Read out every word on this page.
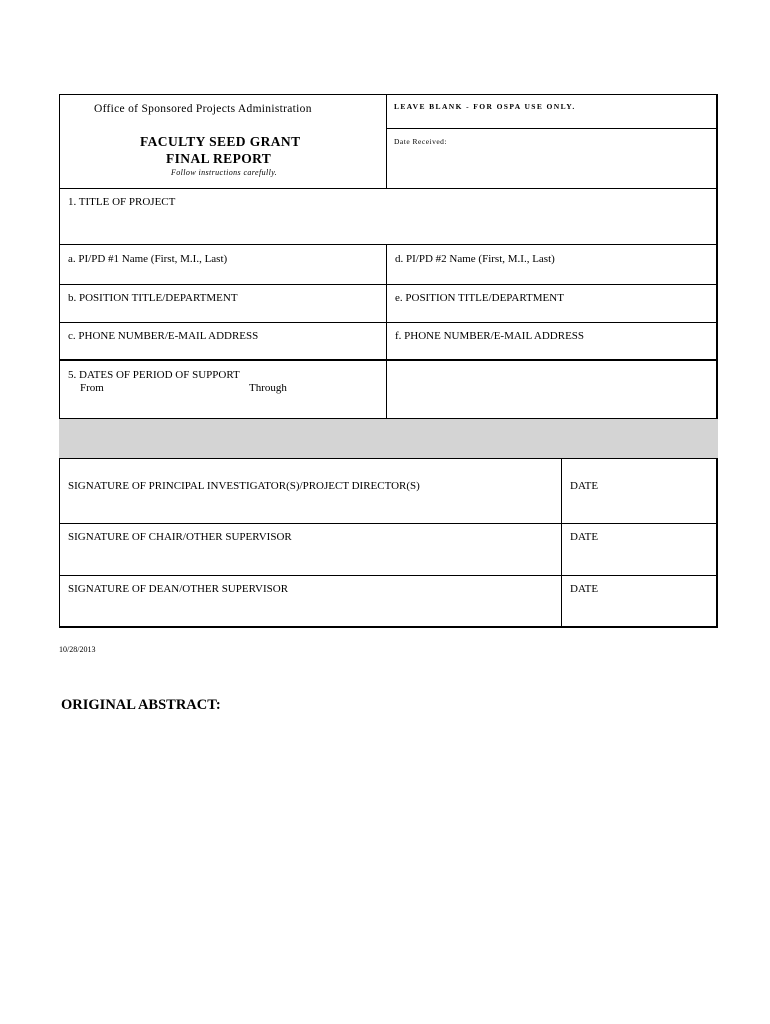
Office of Sponsored Projects Administration
FACULTY SEED GRANT
FINAL REPORT
Follow instructions carefully.
LEAVE BLANK - FOR OSPA USE ONLY.
Date Received:
1. TITLE OF PROJECT
a. PI/PD #1 Name (First, M.I., Last)	d. PI/PD #2 Name (First, M.I., Last)
b. POSITION TITLE/DEPARTMENT	e. POSITION TITLE/DEPARTMENT
c. PHONE NUMBER/E-MAIL ADDRESS	f. PHONE NUMBER/E-MAIL ADDRESS
5. DATES OF PERIOD OF SUPPORT
From	Through
SIGNATURE OF PRINCIPAL INVESTIGATOR(S)/PROJECT DIRECTOR(S)	DATE
SIGNATURE OF CHAIR/OTHER SUPERVISOR	DATE
SIGNATURE OF DEAN/OTHER SUPERVISOR	DATE
10/28/2013
ORIGINAL ABSTRACT:
